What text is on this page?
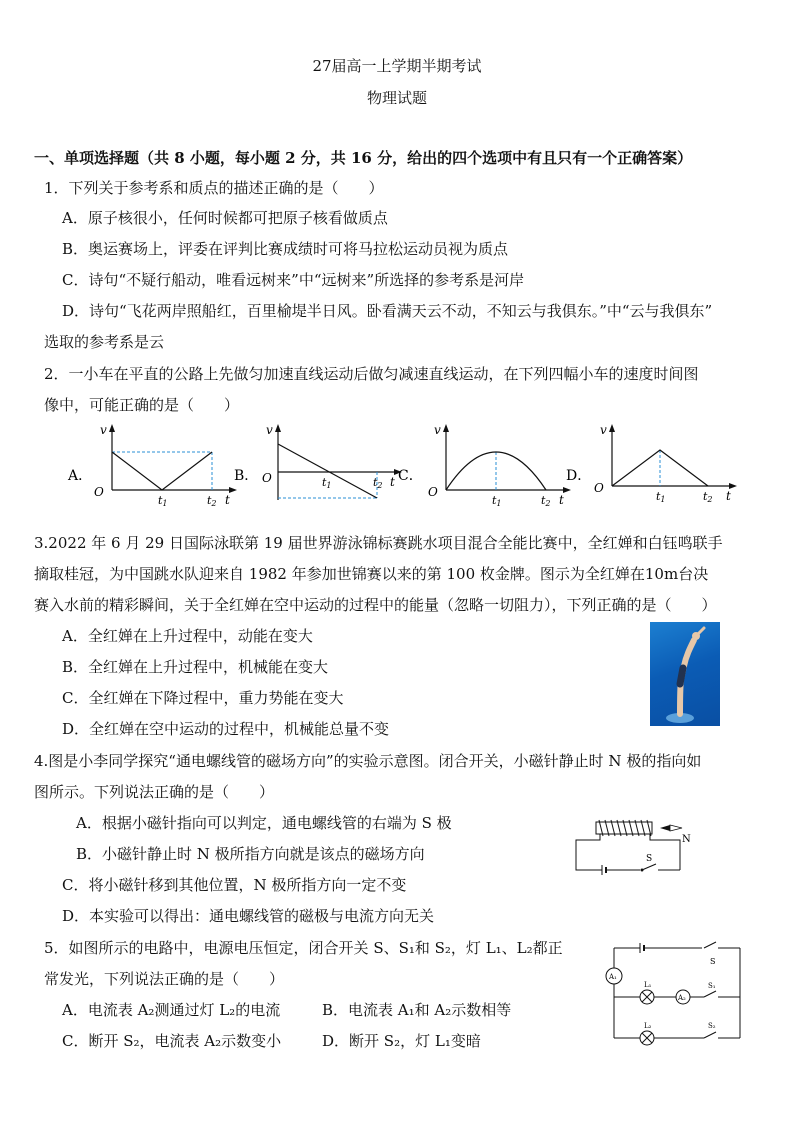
27届高一上学期半期考试
物理试题
一、单项选择题（共 8 小题，每小题 2 分，共 16 分，给出的四个选项中有且只有一个正确答案）
1．下列关于参考系和质点的描述正确的是（　　）
A．原子核很小，任何时候都可把原子核看做质点
B．奥运赛场上，评委在评判比赛成绩时可将马拉松运动员视为质点
C．诗句“不疑行船动，唯看远树来”中“远树来”所选择的参考系是河岸
D．诗句“飞花两岸照船红，百里榆堤半日风。卧看满天云不动，不知云与我俱东。”中“云与我俱东”
选取的参考系是云
2．一小车在平直的公路上先做匀加速直线运动后做匀减速直线运动，在下列四幅小车的速度时间图
像中，可能正确的是（　　）
A．
v
O
t1	t2 t
B．
v
O	t1	t2 t C．
v
O
t1	t2 t
D．
v
O
t1	t2 t
3.2022 年 6 月 29 日国际泳联第 19 届世界游泳锦标赛跳水项目混合全能比赛中，全红婵和白钰鸣联手
摘取桂冠，为中国跳水队迎来自 1982 年参加世锦赛以来的第 100 枚金牌。图示为全红婵在10m台决
赛入水前的精彩瞬间，关于全红婵在空中运动的过程中的能量（忽略一切阻力），下列正确的是（　　）
A．全红婵在上升过程中，动能在变大
B．全红婵在上升过程中，机械能在变大
C．全红婵在下降过程中，重力势能在变大
D．全红婵在空中运动的过程中，机械能总量不变
4.图是小李同学探究“通电螺线管的磁场方向”的实验示意图。闭合开关，小磁针静止时 N 极的指向如
图所示。下列说法正确的是（　　）
A．根据小磁针指向可以判定，通电螺线管的右端为 S 极
B．小磁针静止时 N 极所指方向就是该点的磁场方向
C．将小磁针移到其他位置，N 极所指方向一定不变
D．本实验可以得出：通电螺线管的磁极与电流方向无关
N
S
5．如图所示的电路中，电源电压恒定，闭合开关 S、S₁和 S₂，灯 L₁、L₂都正
常发光，下列说法正确的是（　　）
A．电流表 A₂测通过灯 L₂的电流	B．电流表 A₁和 A₂示数相等
C．断开 S₂，电流表 A₂示数变小	D．断开 S₂，灯 L₁变暗
S
A₁
L₁
A₂
S₁
L₂	S₂
